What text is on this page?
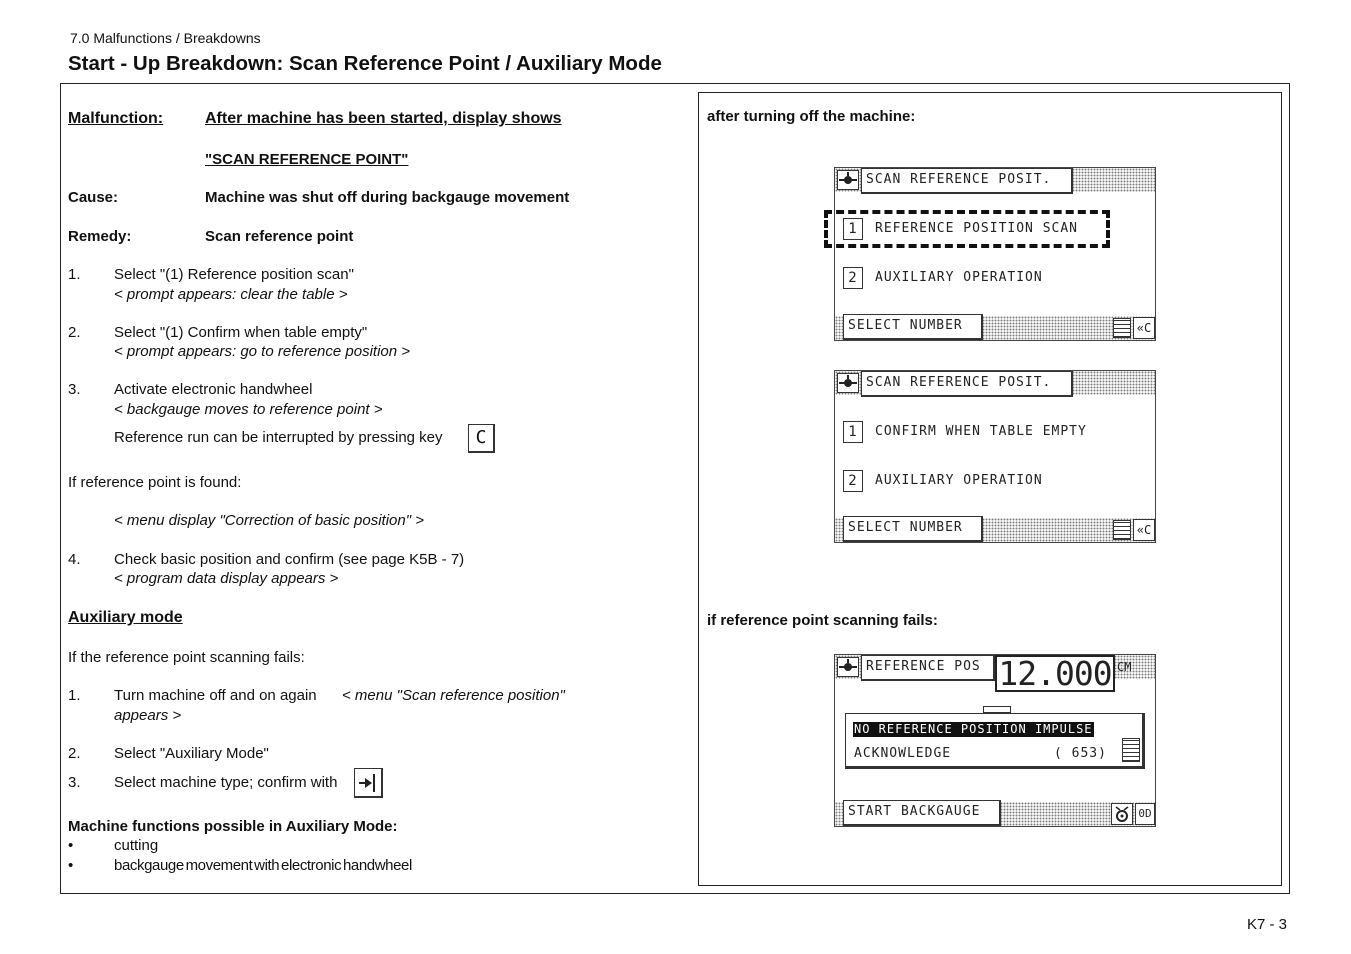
7.0 Malfunctions / Breakdowns
Start - Up Breakdown: Scan Reference Point / Auxiliary Mode
Malfunction:	After machine has been started, display shows
"SCAN REFERENCE POINT"
Cause:	Machine was shut off during backgauge movement
Remedy:	Scan reference point
1. Select "(1) Reference position scan"
< prompt appears: clear the table >
2. Select "(1) Confirm when table empty"
< prompt appears: go to reference position >
3. Activate electronic handwheel
< backgauge moves to reference point >
Reference run can be interrupted by pressing key	C
If reference point is found:
< menu display "Correction of basic position" >
4. Check basic position and confirm (see page K5B - 7)
< program data display appears >
Auxiliary mode
If the reference point scanning fails:
1. Turn machine off and on again < menu "Scan reference position"
appears >
2. Select "Auxiliary Mode"
3. Select machine type; confirm with
Machine functions possible in Auxiliary Mode:
•	cutting
•	backgauge movement with electronic handwheel
after turning off the machine:
if reference point scanning fails:
SCAN REFERENCE POSIT.
1	REFERENCE POSITION SCAN
2	AUXILIARY OPERATION
SELECT NUMBER	«C
SCAN REFERENCE POSIT.
1	CONFIRM WHEN TABLE EMPTY
2	AUXILIARY OPERATION
SELECT NUMBER	«C
REFERENCE POS 12.000 CM
NO REFERENCE POSITION IMPULSE
ACKNOWLEDGE	( 653)
START BACKGAUGE	0D
K7 - 3
